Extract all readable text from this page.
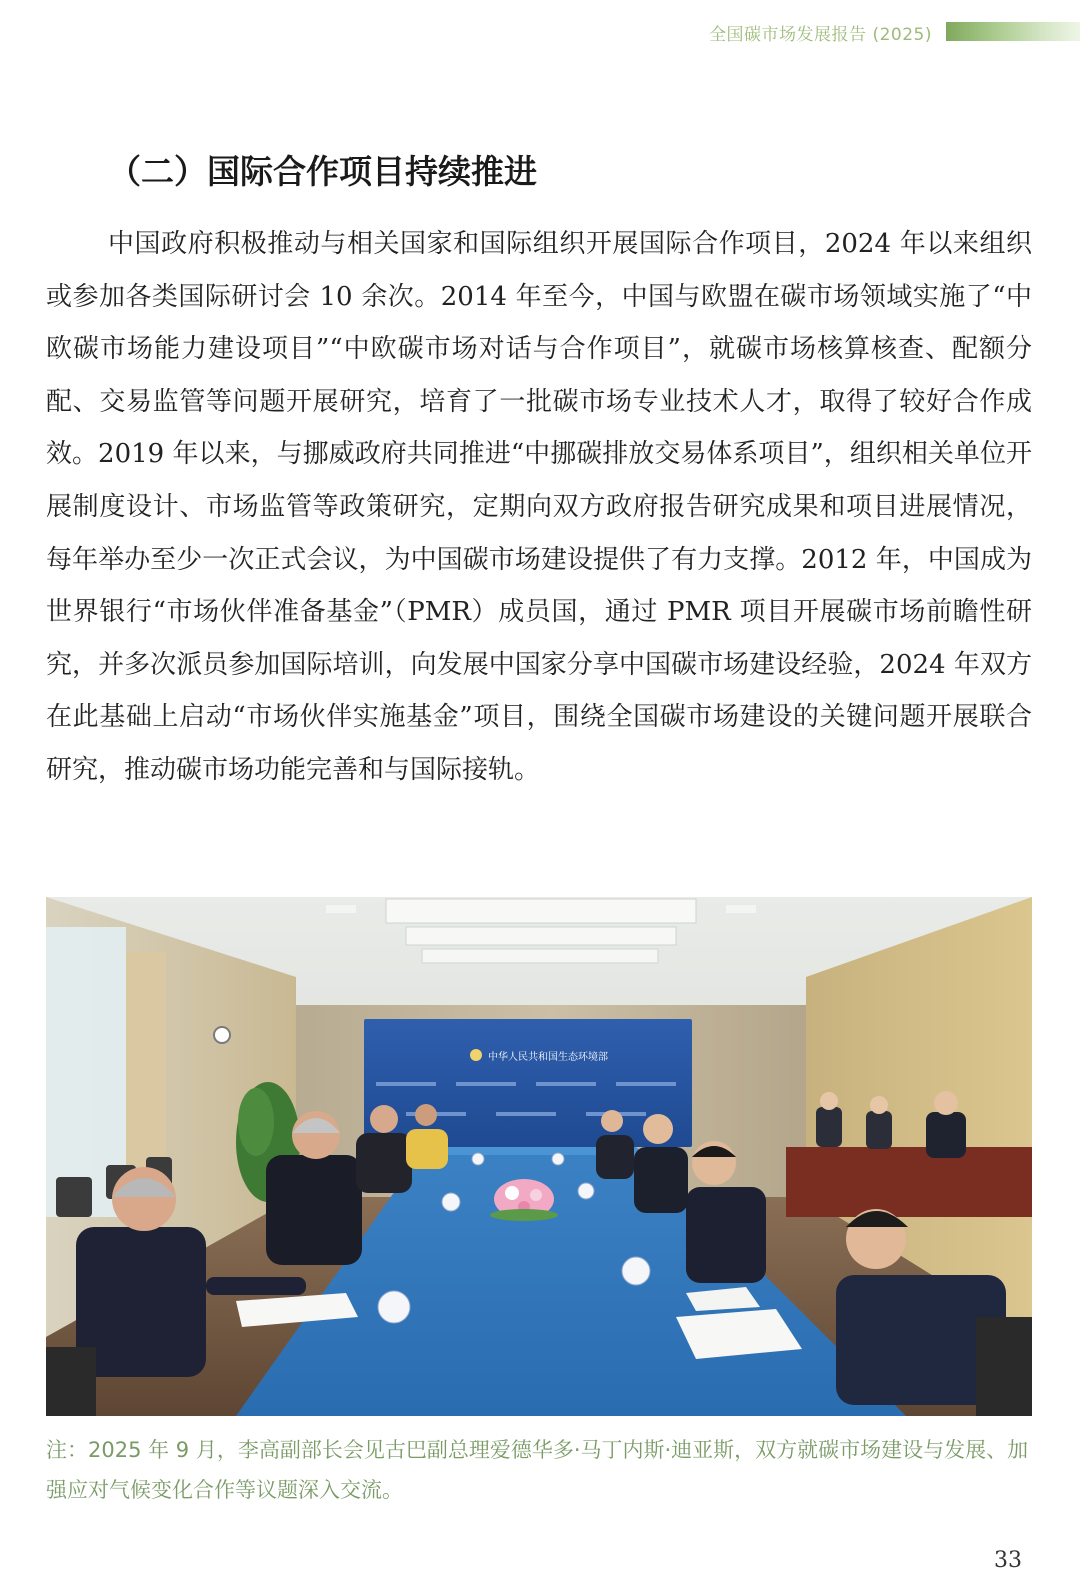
全国碳市场发展报告 (2025)
（二）国际合作项目持续推进

中国政府积极推动与相关国家和国际组织开展国际合作项目，2024 年以来组织或参加各类国际研讨会 10 余次。2014 年至今，中国与欧盟在碳市场领域实施了“中欧碳市场能力建设项目”“中欧碳市场对话与合作项目”，就碳市场核算核查、配额分配、交易监管等问题开展研究，培育了一批碳市场专业技术人才，取得了较好合作成效。2019 年以来，与挪威政府共同推进“中挪碳排放交易体系项目”，组织相关单位开展制度设计、市场监管等政策研究，定期向双方政府报告研究成果和项目进展情况，每年举办至少一次正式会议，为中国碳市场建设提供了有力支撑。2012 年，中国成为世界银行“市场伙伴准备基金”（PMR）成员国，通过 PMR 项目开展碳市场前瞻性研究，并多次派员参加国际培训，向发展中国家分享中国碳市场建设经验，2024 年双方在此基础上启动“市场伙伴实施基金”项目，围绕全国碳市场建设的关键问题开展联合研究，推动碳市场功能完善和与国际接轨。

中华人民共和国生态环境部

注：2025 年 9 月，李高副部长会见古巴副总理爱德华多·马丁内斯·迪亚斯，双方就碳市场建设与发展、加强应对气候变化合作等议题深入交流。

33
